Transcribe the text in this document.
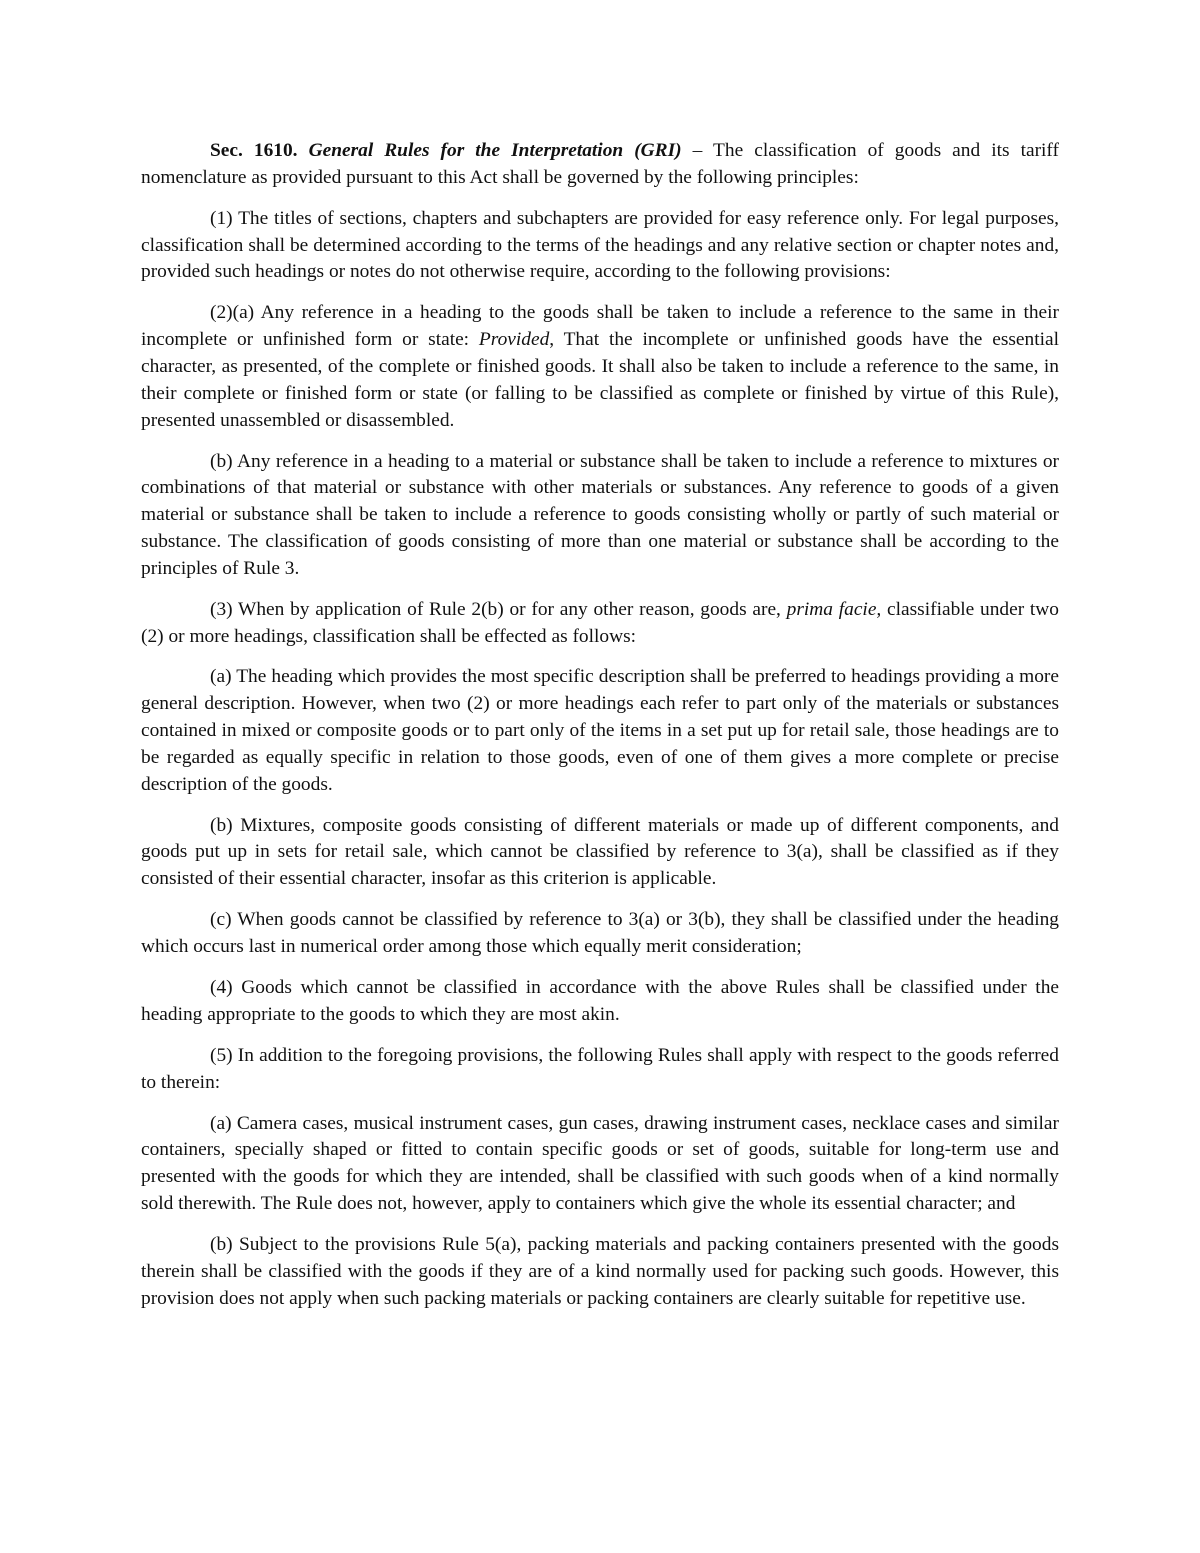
Sec. 1610. General Rules for the Interpretation (GRI) – The classification of goods and its tariff nomenclature as provided pursuant to this Act shall be governed by the following principles:

(1) The titles of sections, chapters and subchapters are provided for easy reference only. For legal purposes, classification shall be determined according to the terms of the headings and any relative section or chapter notes and, provided such headings or notes do not otherwise require, according to the following provisions:

(2)(a) Any reference in a heading to the goods shall be taken to include a reference to the same in their incomplete or unfinished form or state: Provided, That the incomplete or unfinished goods have the essential character, as presented, of the complete or finished goods. It shall also be taken to include a reference to the same, in their complete or finished form or state (or falling to be classified as complete or finished by virtue of this Rule), presented unassembled or disassembled.

(b) Any reference in a heading to a material or substance shall be taken to include a reference to mixtures or combinations of that material or substance with other materials or substances. Any reference to goods of a given material or substance shall be taken to include a reference to goods consisting wholly or partly of such material or substance. The classification of goods consisting of more than one material or substance shall be according to the principles of Rule 3.

(3) When by application of Rule 2(b) or for any other reason, goods are, prima facie, classifiable under two (2) or more headings, classification shall be effected as follows:

(a) The heading which provides the most specific description shall be preferred to headings providing a more general description. However, when two (2) or more headings each refer to part only of the materials or substances contained in mixed or composite goods or to part only of the items in a set put up for retail sale, those headings are to be regarded as equally specific in relation to those goods, even of one of them gives a more complete or precise description of the goods.

(b) Mixtures, composite goods consisting of different materials or made up of different components, and goods put up in sets for retail sale, which cannot be classified by reference to 3(a), shall be classified as if they consisted of their essential character, insofar as this criterion is applicable.

(c) When goods cannot be classified by reference to 3(a) or 3(b), they shall be classified under the heading which occurs last in numerical order among those which equally merit consideration;

(4) Goods which cannot be classified in accordance with the above Rules shall be classified under the heading appropriate to the goods to which they are most akin.

(5) In addition to the foregoing provisions, the following Rules shall apply with respect to the goods referred to therein:

(a) Camera cases, musical instrument cases, gun cases, drawing instrument cases, necklace cases and similar containers, specially shaped or fitted to contain specific goods or set of goods, suitable for long-term use and presented with the goods for which they are intended, shall be classified with such goods when of a kind normally sold therewith. The Rule does not, however, apply to containers which give the whole its essential character; and

(b) Subject to the provisions Rule 5(a), packing materials and packing containers presented with the goods therein shall be classified with the goods if they are of a kind normally used for packing such goods. However, this provision does not apply when such packing materials or packing containers are clearly suitable for repetitive use.
